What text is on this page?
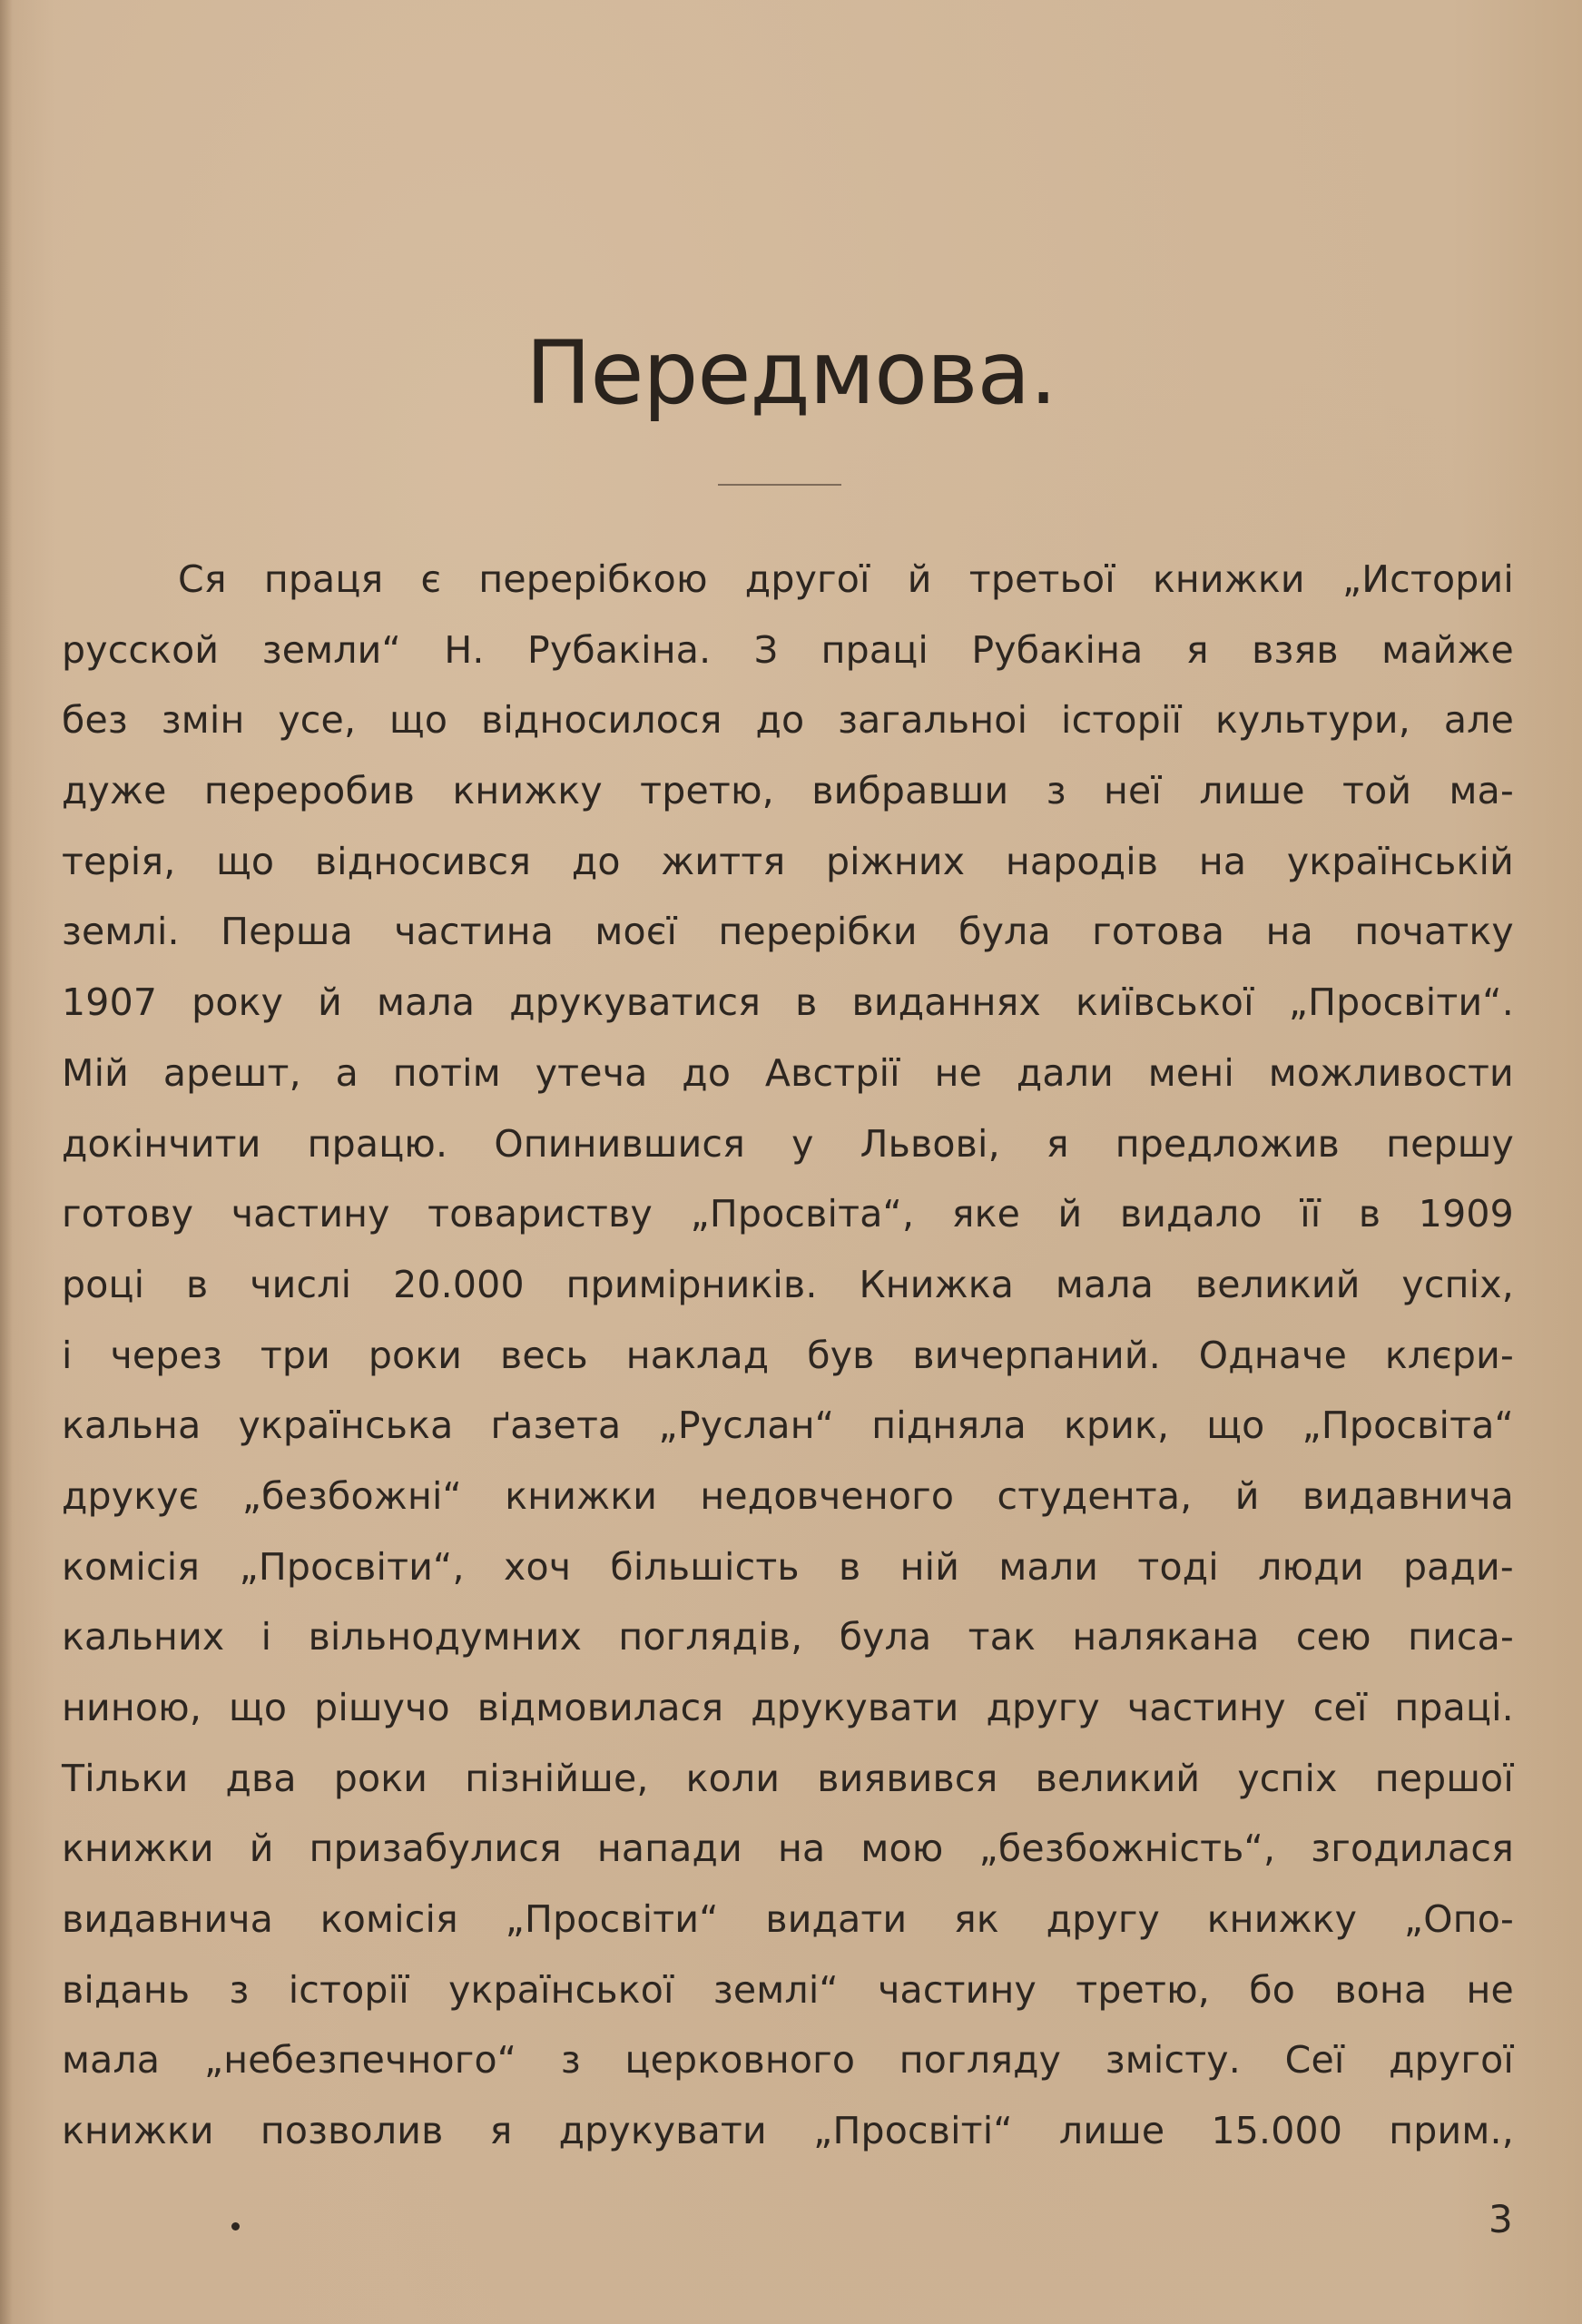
Передмова.
Ся праця є перерібкою другої й третьої книжки „Историі
русской земли“ Н. Рубакіна. З праці Рубакіна я взяв майже
без змін усе, що відносилося до загальноі історії культури, але
дуже переробив книжку третю, вибравши з неї лише той ма-
терія, що відносився до життя ріжних народів на українській
землі. Перша частина моєї перерібки була готова на початку
1907 року й мала друкуватися в виданнях київської „Просвіти“.
Мій арешт, а потім утеча до Австрії не дали мені можливости
докінчити працю. Опинившися у Львові, я предложив першу
готову частину товариству „Просвіта“, яке й видало її в 1909
році в числі 20.000 примірників. Книжка мала великий успіх,
і через три роки весь наклад був вичерпаний. Одначе клєри-
кальна українська ґазета „Руслан“ підняла крик, що „Просвіта“
друкує „безбожні“ книжки недовченого студента, й видавнича
комісія „Просвіти“, хоч більшість в ній мали тоді люди ради-
кальних і вільнодумних поглядів, була так налякана сею писа-
ниною, що рішучо відмовилася друкувати другу частину сеї праці.
Тільки два роки пізнійше, коли виявився великий успіх першої
книжки й призабулися напади на мою „безбожність“, згодилася
видавнича комісія „Просвіти“ видати як другу книжку „Опо-
відань з історії української землі“ частину третю, бо вона не
мала „небезпечного“ з церковного погляду змісту. Сеї другої
книжки позволив я друкувати „Просвіті“ лише 15.000 прим.,
3
